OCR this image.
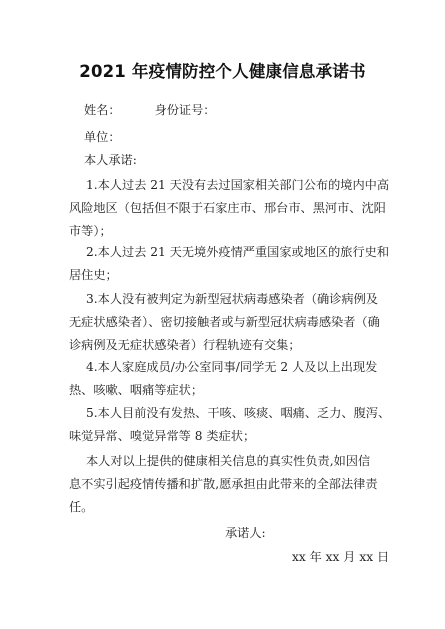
2021 年疫情防控个人健康信息承诺书
姓名：	身份证号：
单位：
本人承诺:
1.本人过去 21 天没有去过国家相关部门公布的境内中高
风险地区（包括但不限于石家庄市、邢台市、黑河市、沈阳
市等）；
2.本人过去 21 天无境外疫情严重国家或地区的旅行史和
居住史；
3.本人没有被判定为新型冠状病毒感染者（确诊病例及
无症状感染者）、密切接触者或与新型冠状病毒感染者（确
诊病例及无症状感染者）行程轨迹有交集；
4.本人家庭成员/办公室同事/同学无 2 人及以上出现发
热、咳嗽、咽痛等症状；
5.本人目前没有发热、干咳、咳痰、咽痛、乏力、腹泻、
味觉异常、嗅觉异常等 8 类症状；
本人对以上提供的健康相关信息的真实性负责,如因信
息不实引起疫情传播和扩散,愿承担由此带来的全部法律责
任。
承诺人:
xx 年 xx 月 xx 日
